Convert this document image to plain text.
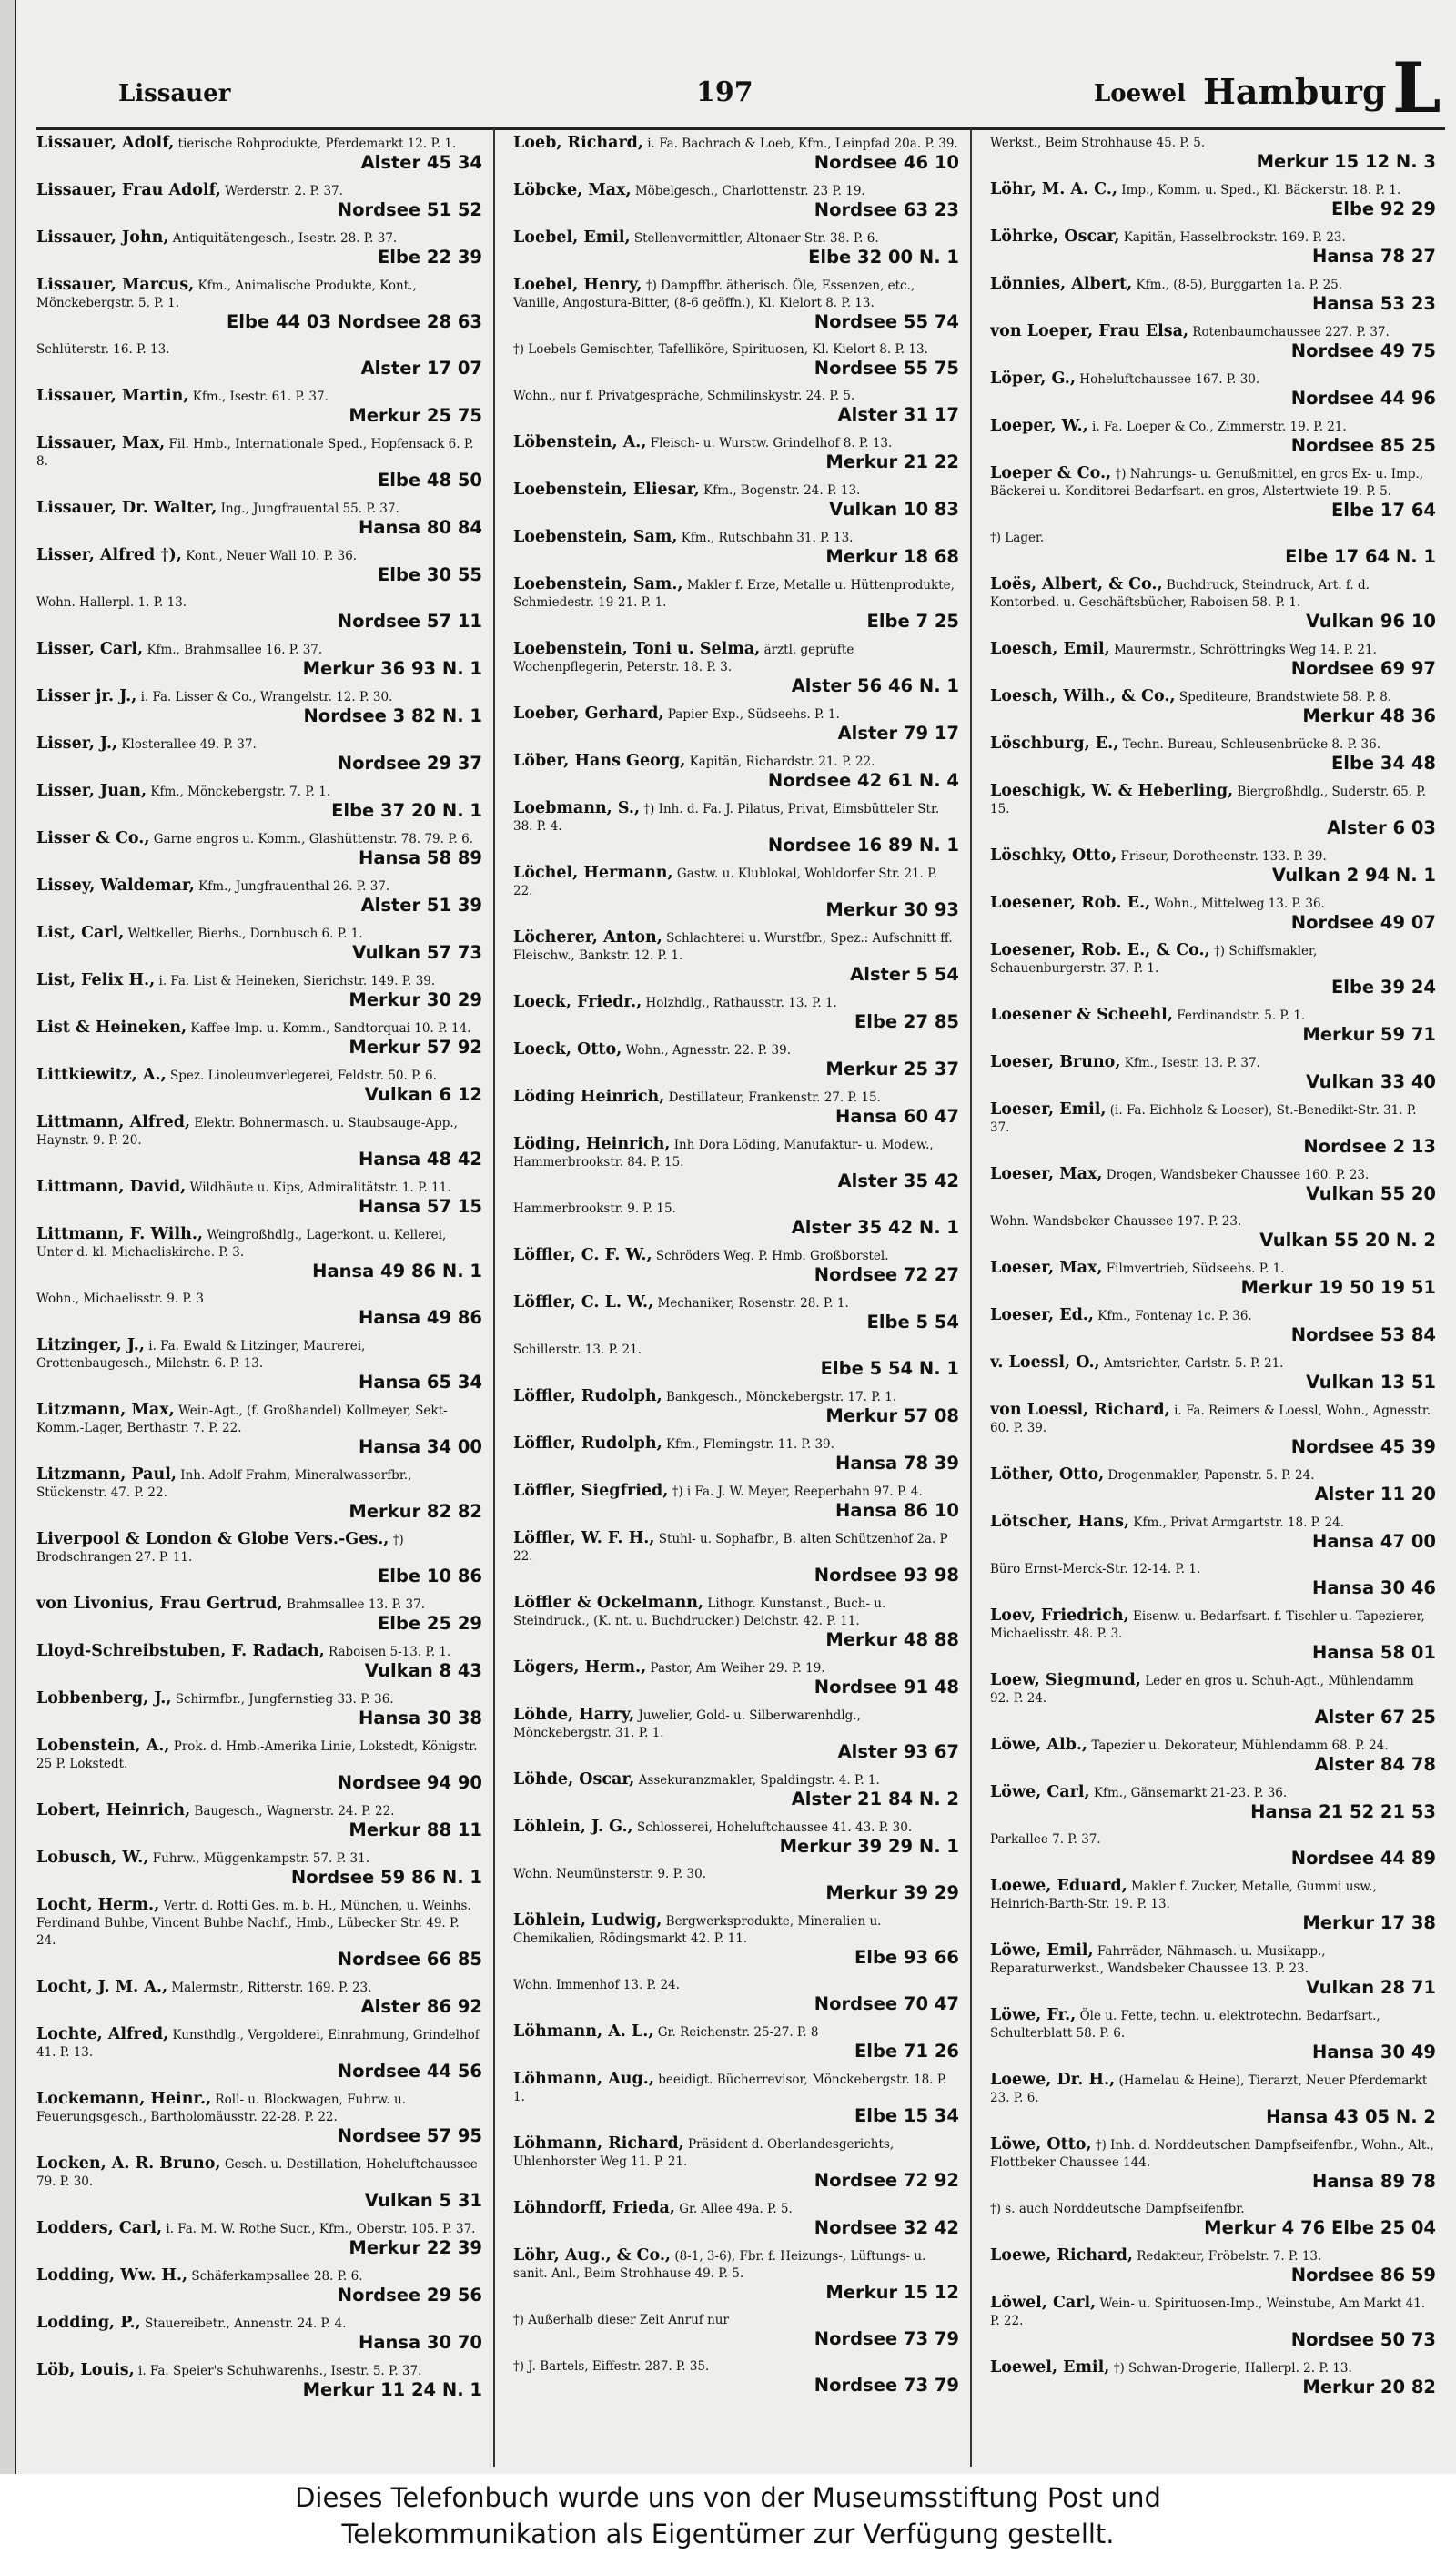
Lissauer	197	Loewel Hamburg L
Lissauer, Adolf, tierische Rohprodukte, Pferdemarkt 12. P. 1.
Alster 45 34
Lissauer, Frau Adolf, Werderstr. 2. P. 37.
Nordsee 51 52
Lissauer, John, Antiquitätengesch., Isestr. 28. P. 37.
Elbe 22 39
Lissauer, Marcus, Kfm., Animalische Produkte, Kont., Mönckebergstr. 5. P. 1.
Elbe 44 03 Nordsee 28 63
Schlüterstr. 16. P. 13.
Alster 17 07
Lissauer, Martin, Kfm., Isestr. 61. P. 37.
Merkur 25 75
Lissauer, Max, Fil. Hmb., Internationale Sped., Hopfensack 6. P. 8.
Elbe 48 50
Lissauer, Dr. Walter, Ing., Jungfrauental 55. P. 37.
Hansa 80 84
Lisser, Alfred †), Kont., Neuer Wall 10. P. 36.
Elbe 30 55
Wohn. Hallerpl. 1. P. 13.
Nordsee 57 11
Lisser, Carl, Kfm., Brahmsallee 16. P. 37.
Merkur 36 93 N. 1
Lisser jr. J., i. Fa. Lisser & Co., Wrangelstr. 12. P. 30.
Nordsee 3 82 N. 1
Lisser, J., Klosterallee 49. P. 37.
Nordsee 29 37
Lisser, Juan, Kfm., Mönckebergstr. 7. P. 1.
Elbe 37 20 N. 1
Lisser & Co., Garne engros u. Komm., Glashüttenstr. 78. 79. P. 6.
Hansa 58 89
Lissey, Waldemar, Kfm., Jungfrauenthal 26. P. 37.
Alster 51 39
List, Carl, Weltkeller, Bierhs., Dornbusch 6. P. 1.
Vulkan 57 73
List, Felix H., i. Fa. List & Heineken, Sierichstr. 149. P. 39.
Merkur 30 29
List & Heineken, Kaffee-Imp. u. Komm., Sandtorquai 10. P. 14.
Merkur 57 92
Littkiewitz, A., Spez. Linoleumverlegerei, Feldstr. 50. P. 6.
Vulkan 6 12
Littmann, Alfred, Elektr. Bohnermasch. u. Staubsauge-App., Haynstr. 9. P. 20.
Hansa 48 42
Littmann, David, Wildhäute u. Kips, Admiralitätstr. 1. P. 11.
Hansa 57 15
Littmann, F. Wilh., Weingroßhdlg., Lagerkont. u. Kellerei, Unter d. kl. Michaeliskirche. P. 3.
Hansa 49 86 N. 1
Wohn., Michaelisstr. 9. P. 3
Hansa 49 86
Litzinger, J., i. Fa. Ewald & Litzinger, Maurerei, Grottenbaugesch., Milchstr. 6. P. 13.
Hansa 65 34
Litzmann, Max, Wein-Agt., (f. Großhandel) Kollmeyer, Sekt-Komm.-Lager, Berthastr. 7. P. 22.
Hansa 34 00
Litzmann, Paul, Inh. Adolf Frahm, Mineralwasserfbr., Stückenstr. 47. P. 22.
Merkur 82 82
Liverpool & London & Globe Vers.-Ges., †) Brodschrangen 27. P. 11.
Elbe 10 86
von Livonius, Frau Gertrud, Brahmsallee 13. P. 37.
Elbe 25 29
Lloyd-Schreibstuben, F. Radach, Raboisen 5-13. P. 1.
Vulkan 8 43
Lobbenberg, J., Schirmfbr., Jungfernstieg 33. P. 36.
Hansa 30 38
Lobenstein, A., Prok. d. Hmb.-Amerika Linie, Lokstedt, Königstr. 25 P. Lokstedt.
Nordsee 94 90
Lobert, Heinrich, Baugesch., Wagnerstr. 24. P. 22.
Merkur 88 11
Lobusch, W., Fuhrw., Müggenkampstr. 57. P. 31.
Nordsee 59 86 N. 1
Locht, Herm., Vertr. d. Rotti Ges. m. b. H., München, u. Weinhs. Ferdinand Buhbe, Vincent Buhbe Nachf., Hmb., Lübecker Str. 49. P. 24.
Nordsee 66 85
Locht, J. M. A., Malermstr., Ritterstr. 169. P. 23.
Alster 86 92
Lochte, Alfred, Kunsthdlg., Vergolderei, Einrahmung, Grindelhof 41. P. 13.
Nordsee 44 56
Lockemann, Heinr., Roll- u. Blockwagen, Fuhrw. u. Feuerungsgesch., Bartholomäusstr. 22-28. P. 22.
Nordsee 57 95
Locken, A. R. Bruno, Gesch. u. Destillation, Hoheluftchaussee 79. P. 30.
Vulkan 5 31
Lodders, Carl, i. Fa. M. W. Rothe Sucr., Kfm., Oberstr. 105. P. 37.
Merkur 22 39
Lodding, Ww. H., Schäferkampsallee 28. P. 6.
Nordsee 29 56
Lodding, P., Stauereibetr., Annenstr. 24. P. 4.
Hansa 30 70
Löb, Louis, i. Fa. Speier's Schuhwarenhs., Isestr. 5. P. 37.
Merkur 11 24 N. 1
Loeb, Richard, i. Fa. Bachrach & Loeb, Kfm., Leinpfad 20a. P. 39.
Nordsee 46 10
Löbcke, Max, Möbelgesch., Charlottenstr. 23 P. 19.
Nordsee 63 23
Loebel, Emil, Stellenvermittler, Altonaer Str. 38. P. 6.
Elbe 32 00 N. 1
Loebel, Henry, †) Dampffbr. ätherisch. Öle, Essenzen, etc., Vanille, Angostura-Bitter, (8-6 geöffn.), Kl. Kielort 8. P. 13.
Nordsee 55 74
†) Loebels Gemischter, Tafelliköre, Spirituosen, Kl. Kielort 8. P. 13.
Nordsee 55 75
Wohn., nur f. Privatgespräche, Schmilinskystr. 24. P. 5.
Alster 31 17
Löbenstein, A., Fleisch- u. Wurstw. Grindelhof 8. P. 13.
Merkur 21 22
Loebenstein, Eliesar, Kfm., Bogenstr. 24. P. 13.
Vulkan 10 83
Loebenstein, Sam, Kfm., Rutschbahn 31. P. 13.
Merkur 18 68
Loebenstein, Sam., Makler f. Erze, Metalle u. Hüttenprodukte, Schmiedestr. 19-21. P. 1.
Elbe 7 25
Loebenstein, Toni u. Selma, ärztl. geprüfte Wochenpflegerin, Peterstr. 18. P. 3.
Alster 56 46 N. 1
Loeber, Gerhard, Papier-Exp., Südseehs. P. 1.
Alster 79 17
Löber, Hans Georg, Kapitän, Richardstr. 21. P. 22.
Nordsee 42 61 N. 4
Loebmann, S., †) Inh. d. Fa. J. Pilatus, Privat, Eimsbütteler Str. 38. P. 4.
Nordsee 16 89 N. 1
Löchel, Hermann, Gastw. u. Klublokal, Wohldorfer Str. 21. P. 22.
Merkur 30 93
Löcherer, Anton, Schlachterei u. Wurstfbr., Spez.: Aufschnitt ff. Fleischw., Bankstr. 12. P. 1.
Alster 5 54
Loeck, Friedr., Holzhdlg., Rathausstr. 13. P. 1.
Elbe 27 85
Loeck, Otto, Wohn., Agnesstr. 22. P. 39.
Merkur 25 37
Löding Heinrich, Destillateur, Frankenstr. 27. P. 15.
Hansa 60 47
Löding, Heinrich, Inh Dora Löding, Manufaktur- u. Modew., Hammerbrookstr. 84. P. 15.
Alster 35 42
Hammerbrookstr. 9. P. 15.
Alster 35 42 N. 1
Löffler, C. F. W., Schröders Weg. P. Hmb. Großborstel.
Nordsee 72 27
Löffler, C. L. W., Mechaniker, Rosenstr. 28. P. 1.
Elbe 5 54
Schillerstr. 13. P. 21.
Elbe 5 54 N. 1
Löffler, Rudolph, Bankgesch., Mönckebergstr. 17. P. 1.
Merkur 57 08
Löffler, Rudolph, Kfm., Flemingstr. 11. P. 39.
Hansa 78 39
Löffler, Siegfried, †) i Fa. J. W. Meyer, Reeperbahn 97. P. 4.
Hansa 86 10
Löffler, W. F. H., Stuhl- u. Sophafbr., B. alten Schützenhof 2a. P 22.
Nordsee 93 98
Löffler & Ockelmann, Lithogr. Kunstanst., Buch- u. Steindruck., (K. nt. u. Buchdrucker.) Deichstr. 42. P. 11.
Merkur 48 88
Lögers, Herm., Pastor, Am Weiher 29. P. 19.
Nordsee 91 48
Löhde, Harry, Juwelier, Gold- u. Silberwarenhdlg., Mönckebergstr. 31. P. 1.
Alster 93 67
Löhde, Oscar, Assekuranzmakler, Spaldingstr. 4. P. 1.
Alster 21 84 N. 2
Löhlein, J. G., Schlosserei, Hoheluftchaussee 41. 43. P. 30.
Merkur 39 29 N. 1
Wohn. Neumünsterstr. 9. P. 30.
Merkur 39 29
Löhlein, Ludwig, Bergwerksprodukte, Mineralien u. Chemikalien, Rödingsmarkt 42. P. 11.
Elbe 93 66
Wohn. Immenhof 13. P. 24.
Nordsee 70 47
Löhmann, A. L., Gr. Reichenstr. 25-27. P. 8
Elbe 71 26
Löhmann, Aug., beeidigt. Bücherrevisor, Mönckebergstr. 18. P. 1.
Elbe 15 34
Löhmann, Richard, Präsident d. Oberlandesgerichts, Uhlenhorster Weg 11. P. 21.
Nordsee 72 92
Löhndorff, Frieda, Gr. Allee 49a. P. 5.
Nordsee 32 42
Löhr, Aug., & Co., (8-1, 3-6), Fbr. f. Heizungs-, Lüftungs- u. sanit. Anl., Beim Strohhause 49. P. 5.
Merkur 15 12
†) Außerhalb dieser Zeit Anruf nur
Nordsee 73 79
†) J. Bartels, Eiffestr. 287. P. 35.
Nordsee 73 79
Werkst., Beim Strohhause 45. P. 5.
Merkur 15 12 N. 3
Löhr, M. A. C., Imp., Komm. u. Sped., Kl. Bäckerstr. 18. P. 1.
Elbe 92 29
Löhrke, Oscar, Kapitän, Hasselbrookstr. 169. P. 23.
Hansa 78 27
Lönnies, Albert, Kfm., (8-5), Burggarten 1a. P. 25.
Hansa 53 23
von Loeper, Frau Elsa, Rotenbaumchaussee 227. P. 37.
Nordsee 49 75
Löper, G., Hoheluftchaussee 167. P. 30.
Nordsee 44 96
Loeper, W., i. Fa. Loeper & Co., Zimmerstr. 19. P. 21.
Nordsee 85 25
Loeper & Co., †) Nahrungs- u. Genußmittel, en gros Ex- u. Imp., Bäckerei u. Konditorei-Bedarfsart. en gros, Alstertwiete 19. P. 5.
Elbe 17 64
†) Lager.
Elbe 17 64 N. 1
Loës, Albert, & Co., Buchdruck, Steindruck, Art. f. d. Kontorbed. u. Geschäftsbücher, Raboisen 58. P. 1.
Vulkan 96 10
Loesch, Emil, Maurermstr., Schröttringks Weg 14. P. 21.
Nordsee 69 97
Loesch, Wilh., & Co., Spediteure, Brandstwiete 58. P. 8.
Merkur 48 36
Löschburg, E., Techn. Bureau, Schleusenbrücke 8. P. 36.
Elbe 34 48
Loeschigk, W. & Heberling, Biergroßhdlg., Suderstr. 65. P. 15.
Alster 6 03
Löschky, Otto, Friseur, Dorotheenstr. 133. P. 39.
Vulkan 2 94 N. 1
Loesener, Rob. E., Wohn., Mittelweg 13. P. 36.
Nordsee 49 07
Loesener, Rob. E., & Co., †) Schiffsmakler, Schauenburgerstr. 37. P. 1.
Elbe 39 24
Loesener & Scheehl, Ferdinandstr. 5. P. 1.
Merkur 59 71
Loeser, Bruno, Kfm., Isestr. 13. P. 37.
Vulkan 33 40
Loeser, Emil, (i. Fa. Eichholz & Loeser), St.-Benedikt-Str. 31. P. 37.
Nordsee 2 13
Loeser, Max, Drogen, Wandsbeker Chaussee 160. P. 23.
Vulkan 55 20
Wohn. Wandsbeker Chaussee 197. P. 23.
Vulkan 55 20 N. 2
Loeser, Max, Filmvertrieb, Südseehs. P. 1.
Merkur 19 50 19 51
Loeser, Ed., Kfm., Fontenay 1c. P. 36.
Nordsee 53 84
v. Loessl, O., Amtsrichter, Carlstr. 5. P. 21.
Vulkan 13 51
von Loessl, Richard, i. Fa. Reimers & Loessl, Wohn., Agnesstr. 60. P. 39.
Nordsee 45 39
Löther, Otto, Drogenmakler, Papenstr. 5. P. 24.
Alster 11 20
Lötscher, Hans, Kfm., Privat Armgartstr. 18. P. 24.
Hansa 47 00
Büro Ernst-Merck-Str. 12-14. P. 1.
Hansa 30 46
Loev, Friedrich, Eisenw. u. Bedarfsart. f. Tischler u. Tapezierer, Michaelisstr. 48. P. 3.
Hansa 58 01
Loew, Siegmund, Leder en gros u. Schuh-Agt., Mühlendamm 92. P. 24.
Alster 67 25
Löwe, Alb., Tapezier u. Dekorateur, Mühlendamm 68. P. 24.
Alster 84 78
Löwe, Carl, Kfm., Gänsemarkt 21-23. P. 36.
Hansa 21 52 21 53
Parkallee 7. P. 37.
Nordsee 44 89
Loewe, Eduard, Makler f. Zucker, Metalle, Gummi usw., Heinrich-Barth-Str. 19. P. 13.
Merkur 17 38
Löwe, Emil, Fahrräder, Nähmasch. u. Musikapp., Reparaturwerkst., Wandsbeker Chaussee 13. P. 23.
Vulkan 28 71
Löwe, Fr., Öle u. Fette, techn. u. elektrotechn. Bedarfsart., Schulterblatt 58. P. 6.
Hansa 30 49
Loewe, Dr. H., (Hamelau & Heine), Tierarzt, Neuer Pferdemarkt 23. P. 6.
Hansa 43 05 N. 2
Löwe, Otto, †) Inh. d. Norddeutschen Dampfseifenfbr., Wohn., Alt., Flottbeker Chaussee 144.
Hansa 89 78
†) s. auch Norddeutsche Dampfseifenfbr.
Merkur 4 76 Elbe 25 04
Loewe, Richard, Redakteur, Fröbelstr. 7. P. 13.
Nordsee 86 59
Löwel, Carl, Wein- u. Spirituosen-Imp., Weinstube, Am Markt 41. P. 22.
Nordsee 50 73
Loewel, Emil, †) Schwan-Drogerie, Hallerpl. 2. P. 13.
Merkur 20 82
Dieses Telefonbuch wurde uns von der Museumsstiftung Post und
Telekommunikation als Eigentümer zur Verfügung gestellt.
